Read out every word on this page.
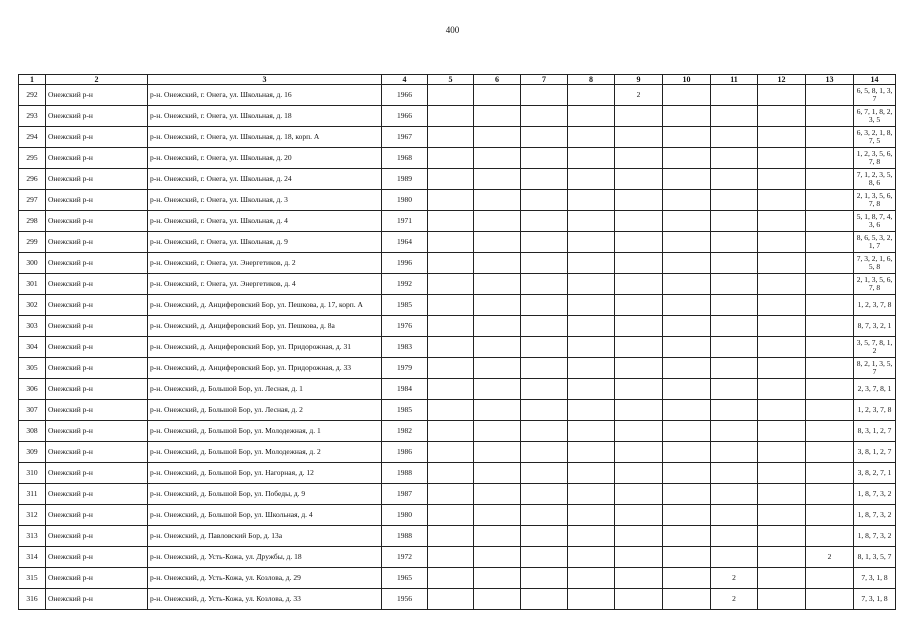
400
1	2	3	4	5	6	7	8	9	10	11	12	13	14
292	Онежский р-н	р-н. Онежский, г. Онега, ул. Школьная, д. 16	1966					2					6, 5, 8, 1, 3, 7
293	Онежский р-н	р-н. Онежский, г. Онега, ул. Школьная, д. 18	1966										6, 7, 1, 8, 2, 3, 5
294	Онежский р-н	р-н. Онежский, г. Онега, ул. Школьная, д. 18, корп. А	1967										6, 3, 2, 1, 8, 7, 5
295	Онежский р-н	р-н. Онежский, г. Онега, ул. Школьная, д. 20	1968										1, 2, 3, 5, 6, 7, 8
296	Онежский р-н	р-н. Онежский, г. Онега, ул. Школьная, д. 24	1989										7, 1, 2, 3, 5, 8, 6
297	Онежский р-н	р-н. Онежский, г. Онега, ул. Школьная, д. 3	1980										2, 1, 3, 5, 6, 7, 8
298	Онежский р-н	р-н. Онежский, г. Онега, ул. Школьная, д. 4	1971										5, 1, 8, 7, 4, 3, 6
299	Онежский р-н	р-н. Онежский, г. Онега, ул. Школьная, д. 9	1964										8, 6, 5, 3, 2, 1, 7
300	Онежский р-н	р-н. Онежский, г. Онега, ул. Энергетиков, д. 2	1996										7, 3, 2, 1, 6, 5, 8
301	Онежский р-н	р-н. Онежский, г. Онега, ул. Энергетиков, д. 4	1992										2, 1, 3, 5, 6, 7, 8
302	Онежский р-н	р-н. Онежский, д. Анциферовский Бор, ул. Пешкова, д. 17, корп. А	1985										1, 2, 3, 7, 8
303	Онежский р-н	р-н. Онежский, д. Анциферовский Бор, ул. Пешкова, д. 8а	1976										8, 7, 3, 2, 1
304	Онежский р-н	р-н. Онежский, д. Анциферовский Бор, ул. Придорожная, д. 31	1983										3, 5, 7, 8, 1, 2
305	Онежский р-н	р-н. Онежский, д. Анциферовский Бор, ул. Придорожная, д. 33	1979										8, 2, 1, 3, 5, 7
306	Онежский р-н	р-н. Онежский, д. Большой Бор, ул. Лесная, д. 1	1984										2, 3, 7, 8, 1
307	Онежский р-н	р-н. Онежский, д. Большой Бор, ул. Лесная, д. 2	1985										1, 2, 3, 7, 8
308	Онежский р-н	р-н. Онежский, д. Большой Бор, ул. Молодежная, д. 1	1982										8, 3, 1, 2, 7
309	Онежский р-н	р-н. Онежский, д. Большой Бор, ул. Молодежная, д. 2	1986										3, 8, 1, 2, 7
310	Онежский р-н	р-н. Онежский, д. Большой Бор, ул. Нагорная, д. 12	1988										3, 8, 2, 7, 1
311	Онежский р-н	р-н. Онежский, д. Большой Бор, ул. Победы, д. 9	1987										1, 8, 7, 3, 2
312	Онежский р-н	р-н. Онежский, д. Большой Бор, ул. Школьная, д. 4	1980										1, 8, 7, 3, 2
313	Онежский р-н	р-н. Онежский, д. Павловский Бор, д. 13а	1988										1, 8, 7, 3, 2
314	Онежский р-н	р-н. Онежский, д. Усть-Кожа, ул. Дружбы, д. 18	1972									2	8, 1, 3, 5, 7
315	Онежский р-н	р-н. Онежский, д. Усть-Кожа, ул. Козлова, д. 29	1965							2			7, 3, 1, 8
316	Онежский р-н	р-н. Онежский, д. Усть-Кожа, ул. Козлова, д. 33	1956							2			7, 3, 1, 8
